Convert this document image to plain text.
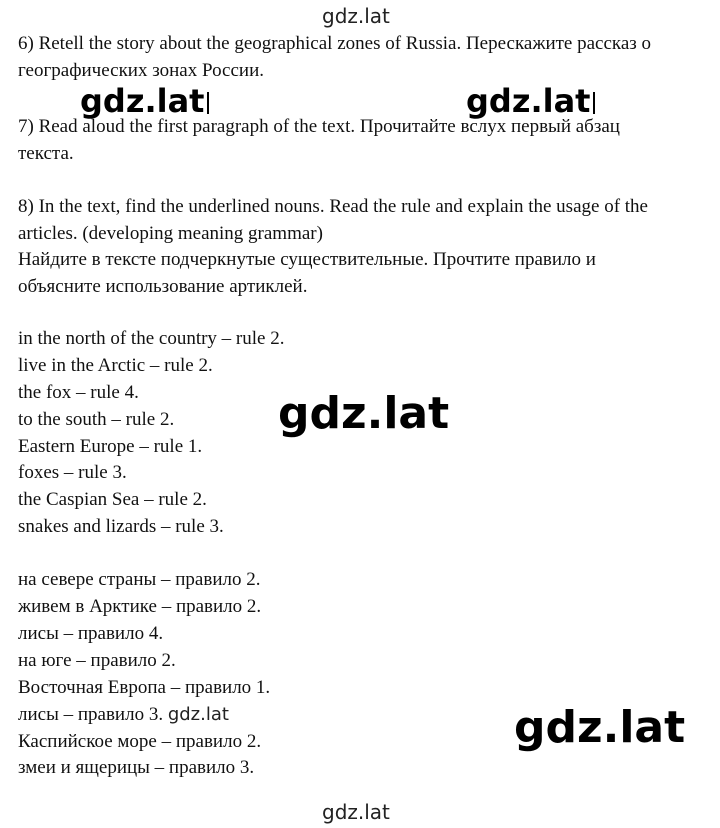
gdz.lat
6) Retell the story about the geographical zones of Russia. Перескажите рассказ о
географических зонах России.
gdz.lat	gdz.lat
7) Read aloud the first paragraph of the text. Прочитайте вслух первый абзац
текста.
8) In the text, find the underlined nouns. Read the rule and explain the usage of the
articles. (developing meaning grammar)
Найдите в тексте подчеркнутые существительные. Прочтите правило и
объясните использование артиклей.
in the north of the country – rule 2.
live in the Arctic – rule 2.
the fox – rule 4.
to the south – rule 2.
Eastern Europe – rule 1.
foxes – rule 3.
the Caspian Sea – rule 2.
snakes and lizards – rule 3.
gdz.lat
на севере страны – правило 2.
живем в Арктике – правило 2.
лисы – правило 4.
на юге – правило 2.
Восточная Европа – правило 1.
лисы – правило 3. gdz.lat
Каспийское море – правило 2.
змеи и ящерицы – правило 3.
gdz.lat
gdz.lat
